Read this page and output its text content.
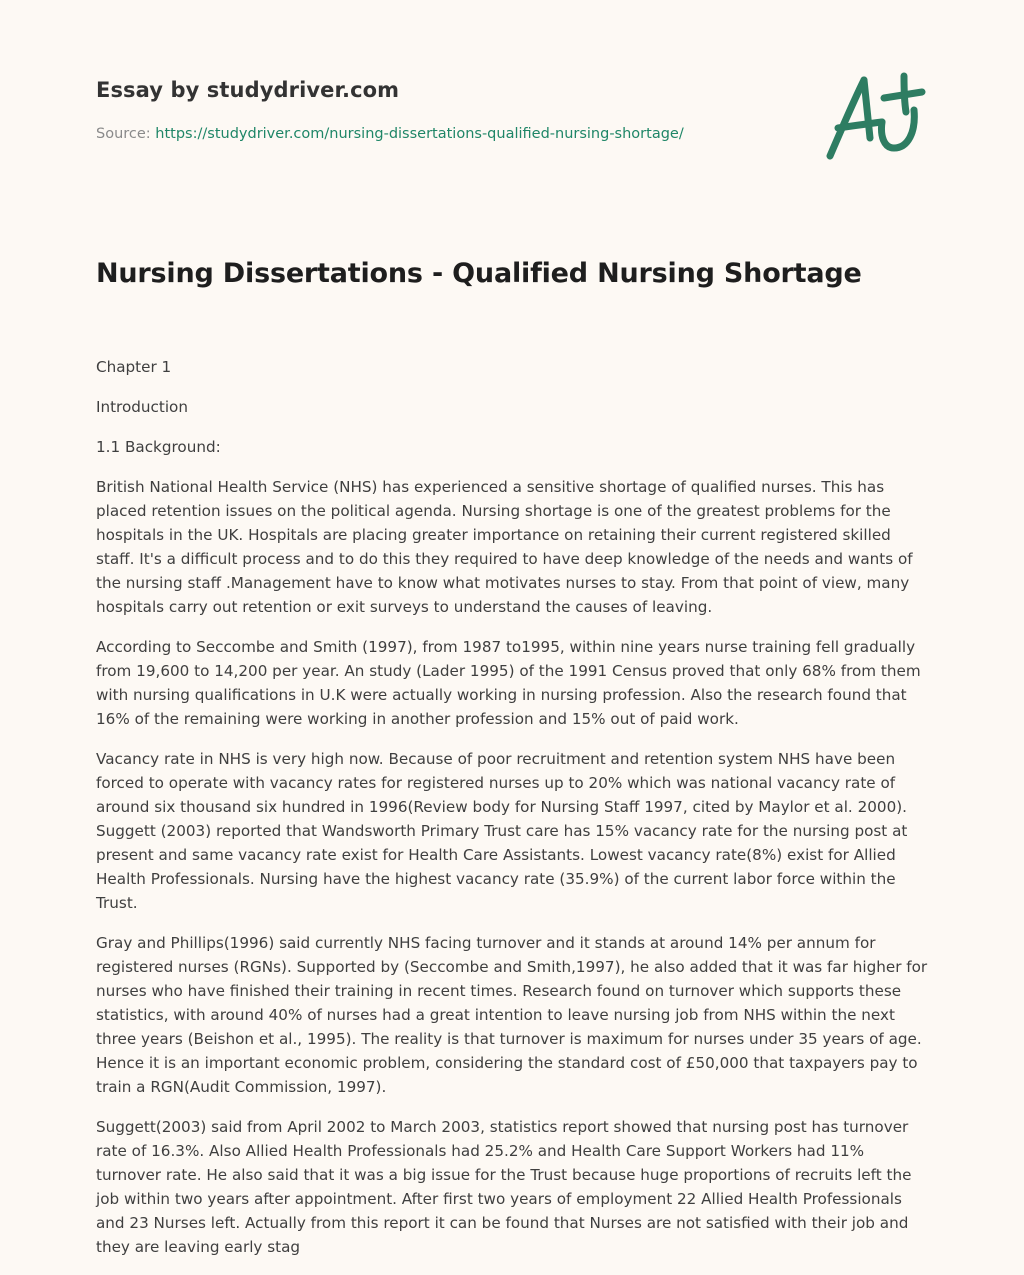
Essay by studydriver.com
Source: https://studydriver.com/nursing-dissertations-qualified-nursing-shortage/
Nursing Dissertations - Qualified Nursing Shortage

Chapter 1

Introduction

1.1 Background:

British National Health Service (NHS) has experienced a sensitive shortage of qualified nurses. This has placed retention issues on the political agenda. Nursing shortage is one of the greatest problems for the hospitals in the UK. Hospitals are placing greater importance on retaining their current registered skilled staff. It's a difficult process and to do this they required to have deep knowledge of the needs and wants of the nursing staff .Management have to know what motivates nurses to stay. From that point of view, many hospitals carry out retention or exit surveys to understand the causes of leaving.

According to Seccombe and Smith (1997), from 1987 to1995, within nine years nurse training fell gradually from 19,600 to 14,200 per year. An study (Lader 1995) of the 1991 Census proved that only 68% from them with nursing qualifications in U.K were actually working in nursing profession. Also the research found that 16% of the remaining were working in another profession and 15% out of paid work.

Vacancy rate in NHS is very high now. Because of poor recruitment and retention system NHS have been forced to operate with vacancy rates for registered nurses up to 20% which was national vacancy rate of around six thousand six hundred in 1996(Review body for Nursing Staff 1997, cited by Maylor et al. 2000). Suggett (2003) reported that Wandsworth Primary Trust care has 15% vacancy rate for the nursing post at present and same vacancy rate exist for Health Care Assistants. Lowest vacancy rate(8%) exist for Allied Health Professionals. Nursing have the highest vacancy rate (35.9%) of the current labor force within the Trust.

Gray and Phillips(1996) said currently NHS facing turnover and it stands at around 14% per annum for registered nurses (RGNs). Supported by (Seccombe and Smith,1997), he also added that it was far higher for nurses who have finished their training in recent times. Research found on turnover which supports these statistics, with around 40% of nurses had a great intention to leave nursing job from NHS within the next three years (Beishon et al., 1995). The reality is that turnover is maximum for nurses under 35 years of age. Hence it is an important economic problem, considering the standard cost of £50,000 that taxpayers pay to train a RGN(Audit Commission, 1997).

Suggett(2003) said from April 2002 to March 2003, statistics report showed that nursing post has turnover rate of 16.3%. Also Allied Health Professionals had 25.2% and Health Care Support Workers had 11% turnover rate. He also said that it was a big issue for the Trust because huge proportions of recruits left the job within two years after appointment. After first two years of employment 22 Allied Health Professionals and 23 Nurses left. Actually from this report it can be found that Nurses are not satisfied with their job and they are leaving early stag
